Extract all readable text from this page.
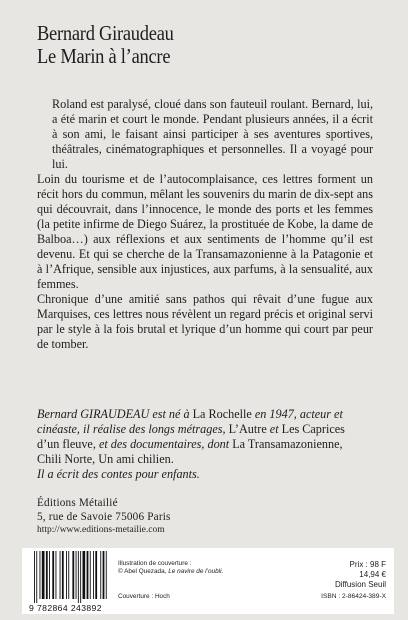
Bernard Giraudeau
Le Marin à l’ancre

Roland est paralysé, cloué dans son fauteuil roulant. Bernard, lui, a été marin et court le monde. Pendant plusieurs années, il a écrit à son ami, le faisant ainsi participer à ses aventures sportives, théâtrales, cinématographiques et personnelles. Il a voyagé pour lui.

Loin du tourisme et de l’autocomplaisance, ces lettres forment un récit hors du commun, mêlant les souvenirs du marin de dix-sept ans qui découvrait, dans l’innocence, le monde des ports et les femmes (la petite infirme de Diego Suárez, la prostituée de Kobe, la dame de Balboa…) aux réflexions et aux sentiments de l’homme qu’il est devenu. Et qui se cherche de la Transamazonienne à la Patagonie et à l’Afrique, sensible aux injustices, aux parfums, à la sensualité, aux femmes.

Chronique d’une amitié sans pathos qui rêvait d’une fugue aux Marquises, ces lettres nous révèlent un regard précis et original servi par le style à la fois brutal et lyrique d’un homme qui court par peur de tomber.

Bernard GIRAUDEAU est né à La Rochelle en 1947, acteur et
cinéaste, il réalise des longs métrages, L’Autre et Les Caprices
d’un fleuve, et des documentaires, dont La Transamazonienne,
Chili Norte, Un ami chilien.
Il a écrit des contes pour enfants.
Éditions Métailié
5, rue de Savoie 75006 Paris
http://www.editions-metailie.com
9 782864 243892
Illustration de couverture :
© Abel Quezada, Le navire de l’oubli.
Couverture : Hoch
Prix : 98 F
14,94 €
Diffusion Seuil
ISBN : 2-86424-389-X
